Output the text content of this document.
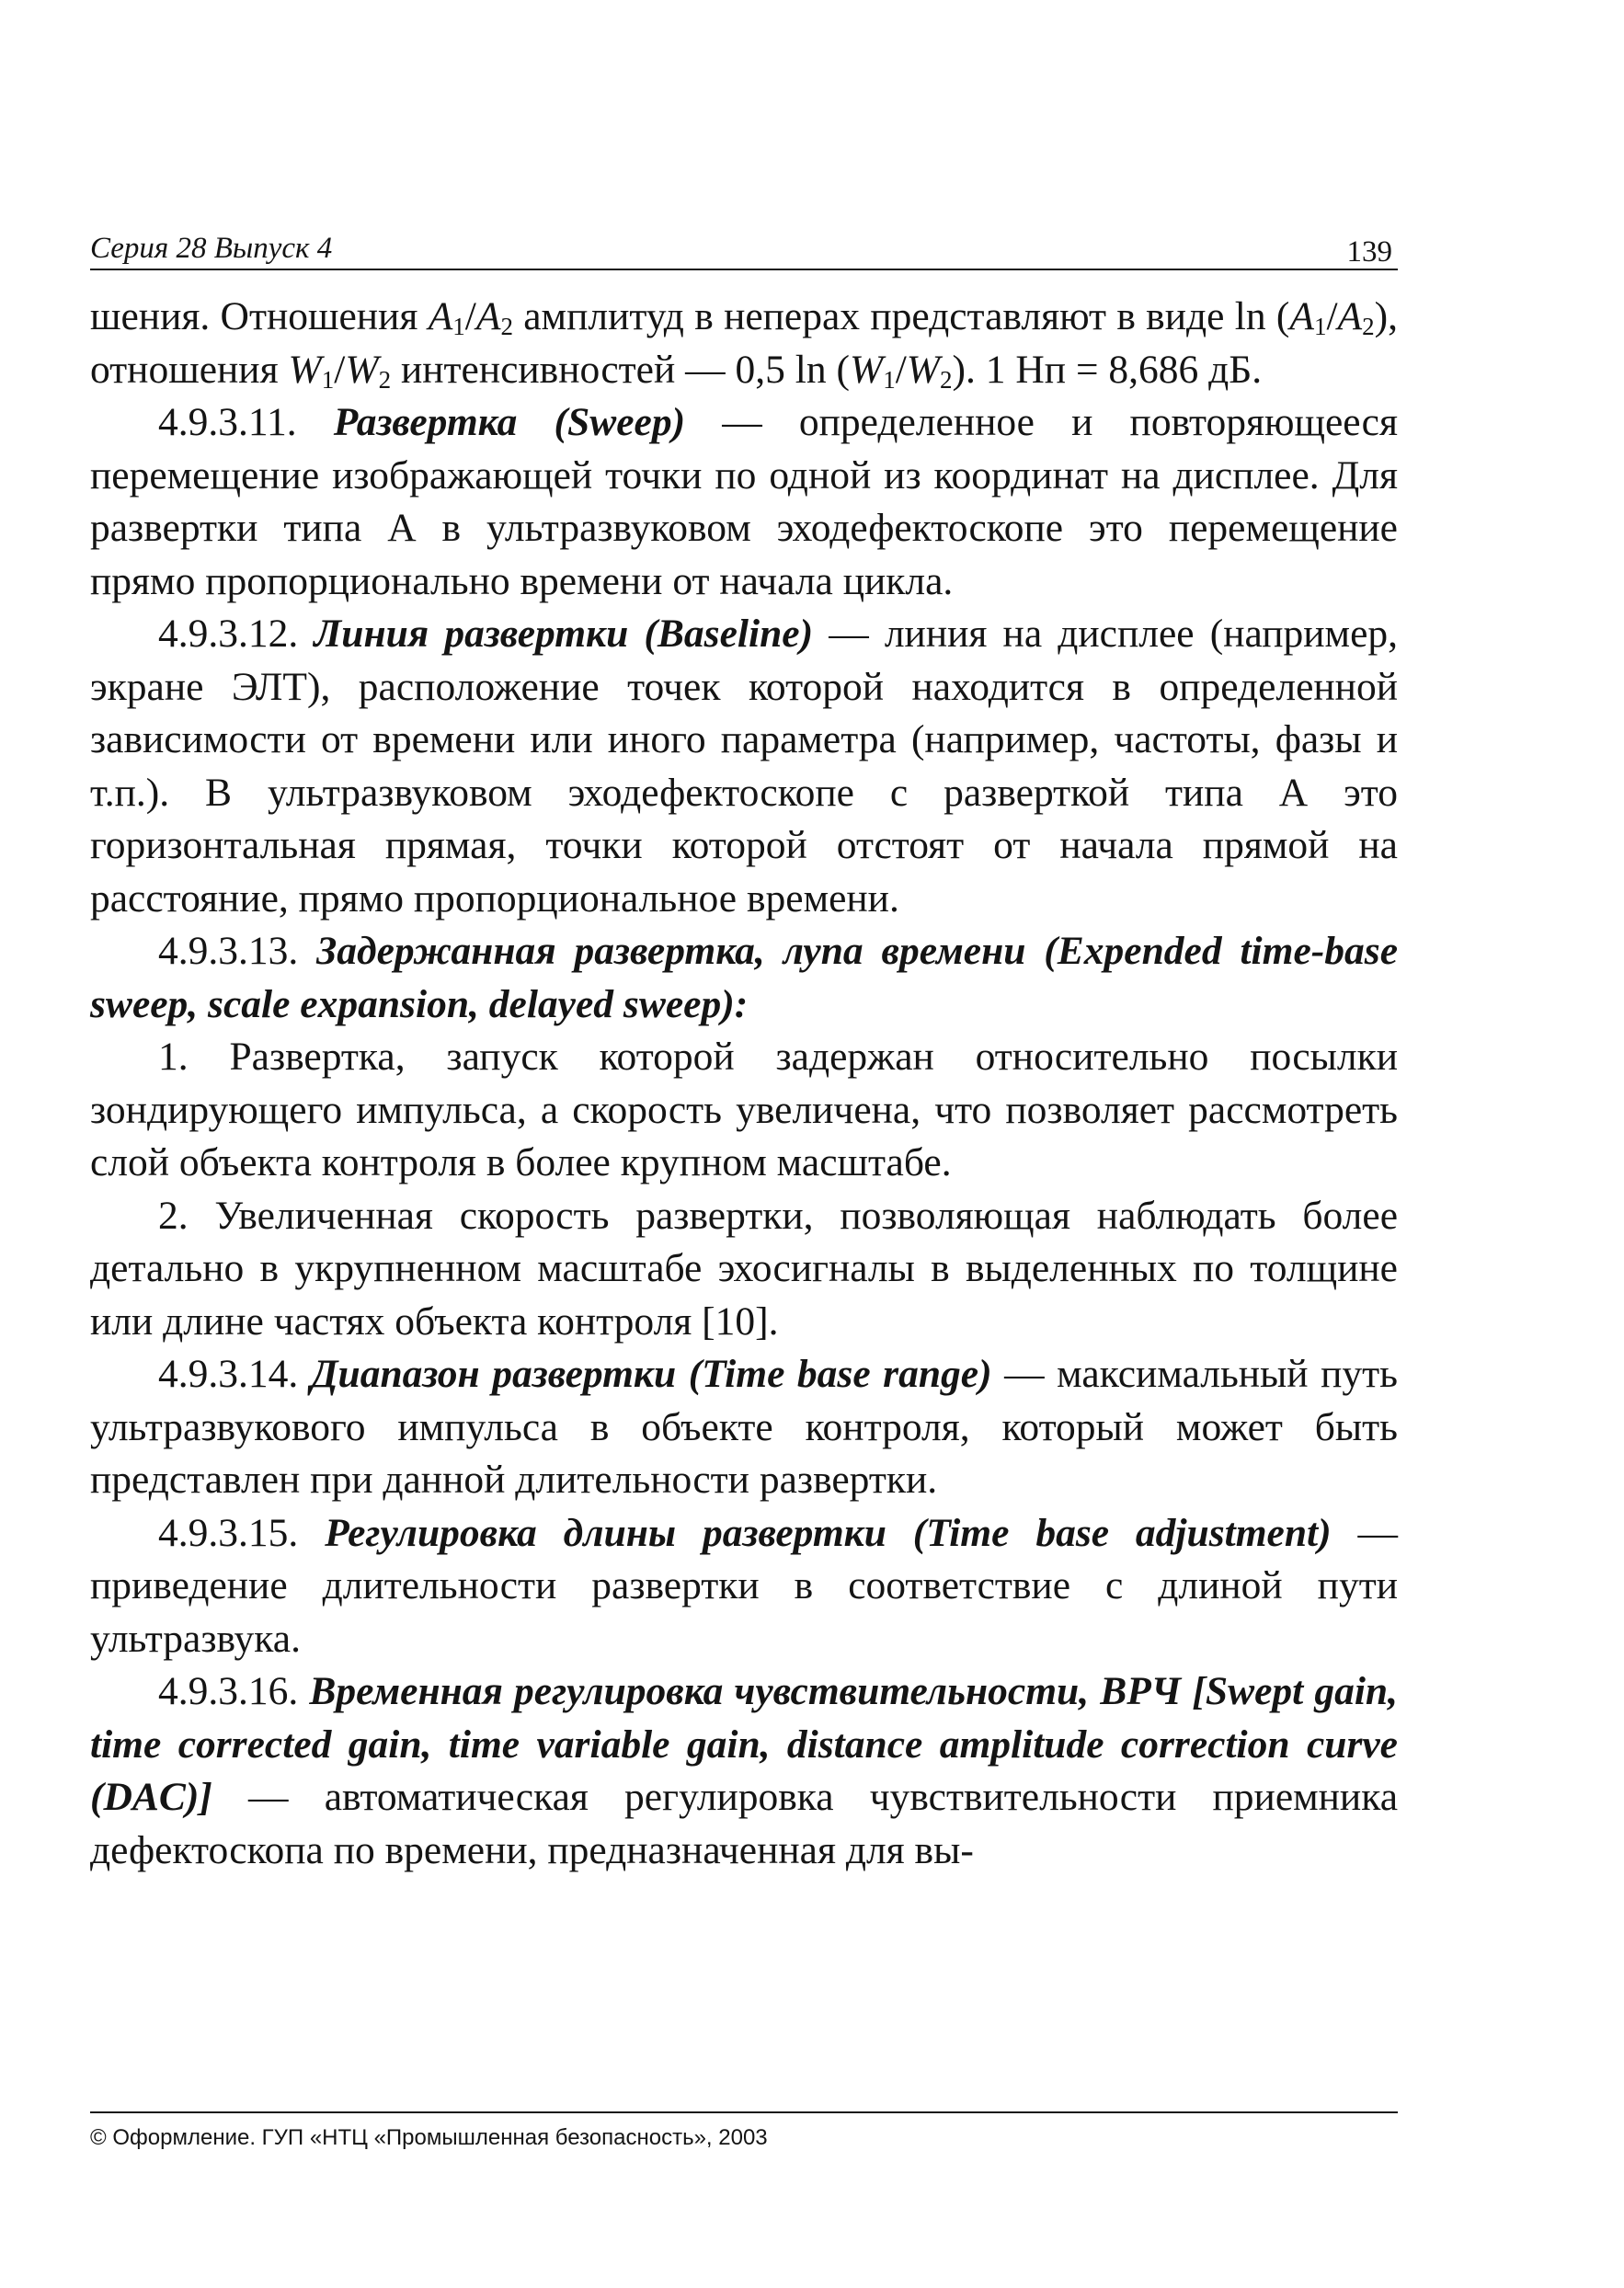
Серия 28 Выпуск 4	139

шения. Отношения $A_1/A_2$ амплитуд в неперах представляют в виде $\ln (A_1/A_2)$, отношения $W_1/W_2$ интенсивностей — 0,5 $\ln (W_1/W_2)$. 1 Нп = 8,686 дБ.

4.9.3.11. Развертка (Sweep) — определенное и повторяющееся перемещение изображающей точки по одной из координат на дисплее. Для развертки типа А в ультразвуковом эходефектоскопе это перемещение прямо пропорционально времени от начала цикла.

4.9.3.12. Линия развертки (Baseline) — линия на дисплее (например, экране ЭЛТ), расположение точек которой находится в определенной зависимости от времени или иного параметра (например, частоты, фазы и т.п.). В ультразвуковом эходефектоскопе с разверткой типа А это горизонтальная прямая, точки которой отстоят от начала прямой на расстояние, прямо пропорциональное времени.

4.9.3.13. Задержанная развертка, лупа времени (Expended time-base sweep, scale expansion, delayed sweep):

1. Развертка, запуск которой задержан относительно посылки зондирующего импульса, а скорость увеличена, что позволяет рассмотреть слой объекта контроля в более крупном масштабе.

2. Увеличенная скорость развертки, позволяющая наблюдать более детально в укрупненном масштабе эхосигналы в выделенных по толщине или длине частях объекта контроля [10].

4.9.3.14. Диапазон развертки (Time base range) — максимальный путь ультразвукового импульса в объекте контроля, который может быть представлен при данной длительности развертки.

4.9.3.15. Регулировка длины развертки (Time base adjustment) — приведение длительности развертки в соответствие с длиной пути ультразвука.

4.9.3.16. Временная регулировка чувствительности, ВРЧ [Swept gain, time corrected gain, time variable gain, distance amplitude correction curve (DAC)] — автоматическая регулировка чувствительности приемника дефектоскопа по времени, предназначенная для вы-

© Оформление. ГУП «НТЦ «Промышленная безопасность», 2003
